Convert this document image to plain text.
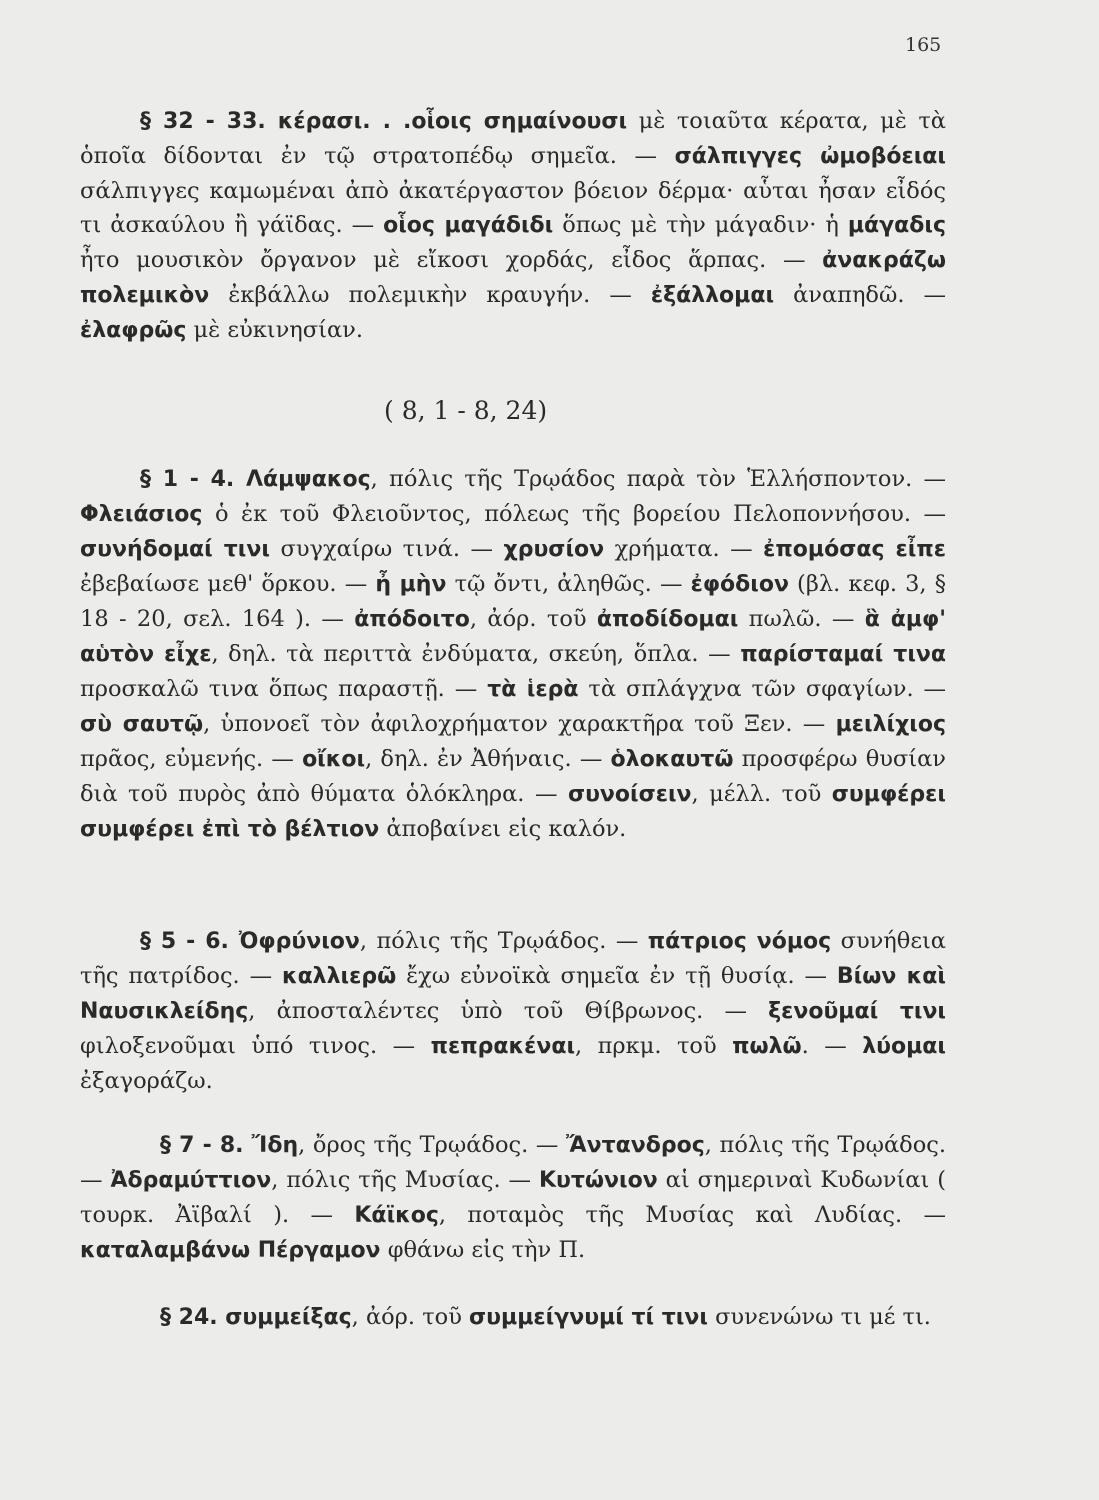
165
§ 32 - 33. κέρασι. . .οἷοις σημαίνουσι μὲ τοιαῦτα κέρατα, μὲ τὰ ὁποῖα δίδονται ἐν τῷ στρατοπέδῳ σημεῖα. — σάλπιγγες ὠμοβόειαι σάλπιγγες καμωμέναι ἀπὸ ἀκατέργαστον βόειον δέρμα· αὗται ἦσαν εἶδός τι ἀσκαύλου ἢ γάϊδας. — οἷος μαγάδιδι ὅπως μὲ τὴν μάγαδιν· ἡ μάγαδις ἦτο μουσικὸν ὄργανον μὲ εἴκοσι χορδάς, εἶδος ἅρπας. — ἀνακράζω πολεμικὸν ἐκβάλλω πολεμικὴν κραυγήν. — ἐξάλλομαι ἀναπηδῶ. — ἐλαφρῶς μὲ εὐκινησίαν.
( 8, 1 - 8, 24)
§ 1 - 4. Λάμψακος, πόλις τῆς Τρῳάδος παρὰ τὸν Ἑλλήσποντον. — Φλειάσιος ὁ ἐκ τοῦ Φλειοῦντος, πόλεως τῆς βορείου Πελοποννήσου. — συνήδομαί τινι συγχαίρω τινά. — χρυσίον χρήματα. — ἐπομόσας εἶπε ἐβεβαίωσε μεθ' ὅρκου. — ἦ μὴν τῷ ὄντι, ἀληθῶς. — ἐφόδιον (βλ. κεφ. 3, § 18 - 20, σελ. 164 ). — ἀπόδοιτο, ἀόρ. τοῦ ἀποδίδομαι πωλῶ. — ἃ ἀμφ' αὑτὸν εἶχε, δηλ. τὰ περιττὰ ἐνδύματα, σκεύη, ὅπλα. — παρίσταμαί τινα προσκαλῶ τινα ὅπως παραστῇ. — τὰ ἱερὰ τὰ σπλάγχνα τῶν σφαγίων. — σὺ σαυτῷ, ὑπονοεῖ τὸν ἀφιλοχρήματον χαρακτῆρα τοῦ Ξεν. — μειλίχιος πρᾶος, εὐμενής. — οἴκοι, δηλ. ἐν Ἀθήναις. — ὁλοκαυτῶ προσφέρω θυσίαν διὰ τοῦ πυρὸς ἀπὸ θύματα ὁλόκληρα. — συνοίσειν, μέλλ. τοῦ συμφέρει συμφέρει ἐπὶ τὸ βέλτιον ἀποβαίνει εἰς καλόν.
§ 5 - 6. Ὀφρύνιον, πόλις τῆς Τρῳάδος. — πάτριος νόμος συνήθεια τῆς πατρίδος. — καλλιερῶ ἔχω εὐνοϊκὰ σημεῖα ἐν τῇ θυσίᾳ. — Βίων καὶ Ναυσικλείδης, ἀποσταλέντες ὑπὸ τοῦ Θίβρωνος. — ξενοῦμαί τινι φιλοξενοῦμαι ὑπό τινος. — πεπρακέναι, πρκμ. τοῦ πωλῶ. — λύομαι ἐξαγοράζω.
§ 7 - 8. Ἴδη, ὄρος τῆς Τρῳάδος. — Ἄντανδρος, πόλις τῆς Τρῳάδος. — Ἀδραμύττιον, πόλις τῆς Μυσίας. — Κυτώνιον αἱ σημεριναὶ Κυδωνίαι ( τουρκ. Ἀϊβαλί ). — Κάϊκος, ποταμὸς τῆς Μυσίας καὶ Λυδίας. — καταλαμβάνω Πέργαμον φθάνω εἰς τὴν Π.
§ 24. συμμείξας, ἀόρ. τοῦ συμμείγνυμί τί τινι συνενώνω τι μέ τι.
